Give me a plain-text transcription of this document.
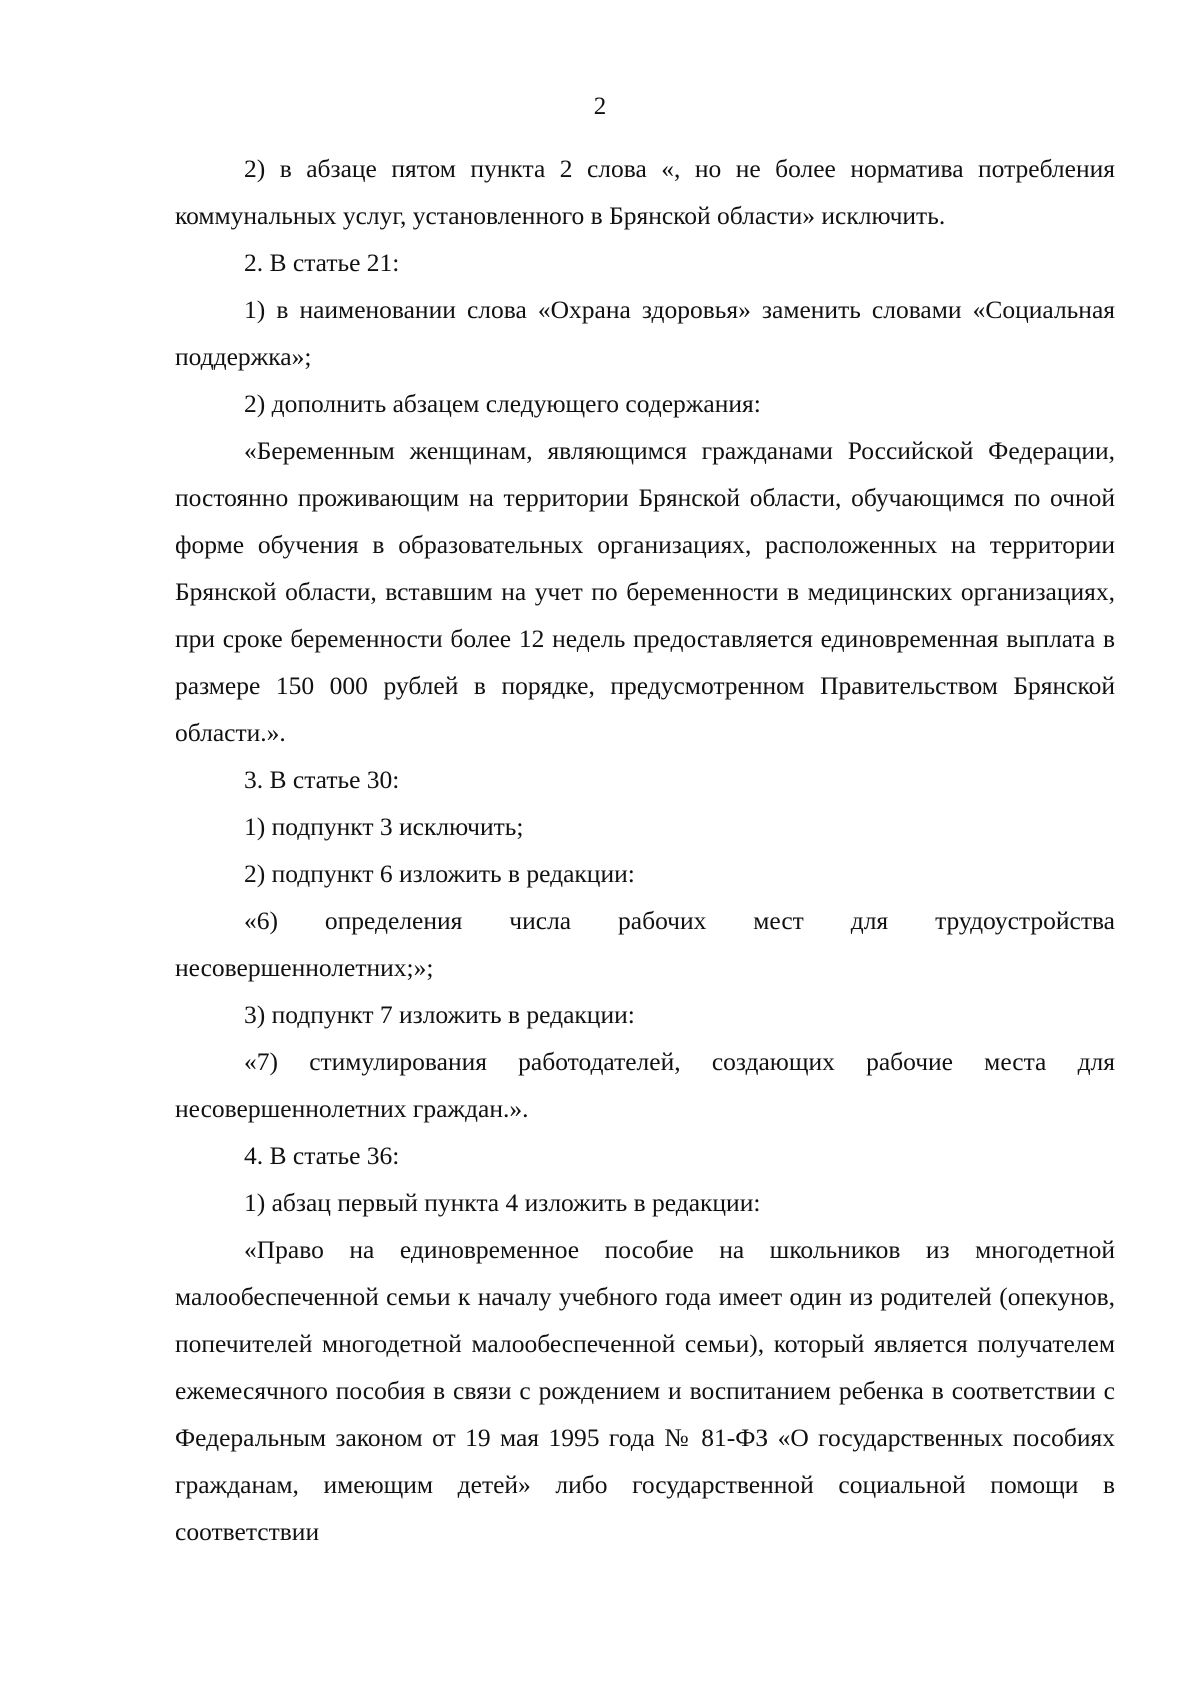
2

2) в абзаце пятом пункта 2 слова «, но не более норматива потребления коммунальных услуг, установленного в Брянской области» исключить.

2. В статье 21:

1) в наименовании слова «Охрана здоровья» заменить словами «Социальная поддержка»;

2) дополнить абзацем следующего содержания:

«Беременным женщинам, являющимся гражданами Российской Федерации, постоянно проживающим на территории Брянской области, обучающимся по очной форме обучения в образовательных организациях, расположенных на территории Брянской области, вставшим на учет по беременности в медицинских организациях, при сроке беременности более 12 недель предоставляется единовременная выплата в размере 150 000 рублей в порядке, предусмотренном Правительством Брянской области.».

3. В статье 30:

1) подпункт 3 исключить;

2) подпункт 6 изложить в редакции:

«6) определения числа рабочих мест для трудоустройства несовершеннолетних;»;

3) подпункт 7 изложить в редакции:

«7) стимулирования работодателей, создающих рабочие места для несовершеннолетних граждан.».

4. В статье 36:

1) абзац первый пункта 4 изложить в редакции:

«Право на единовременное пособие на школьников из многодетной малообеспеченной семьи к началу учебного года имеет один из родителей (опекунов, попечителей многодетной малообеспеченной семьи), который является получателем ежемесячного пособия в связи с рождением и воспитанием ребенка в соответствии с Федеральным законом от 19 мая 1995 года № 81-ФЗ «О государственных пособиях гражданам, имеющим детей» либо государственной социальной помощи в соответствии
